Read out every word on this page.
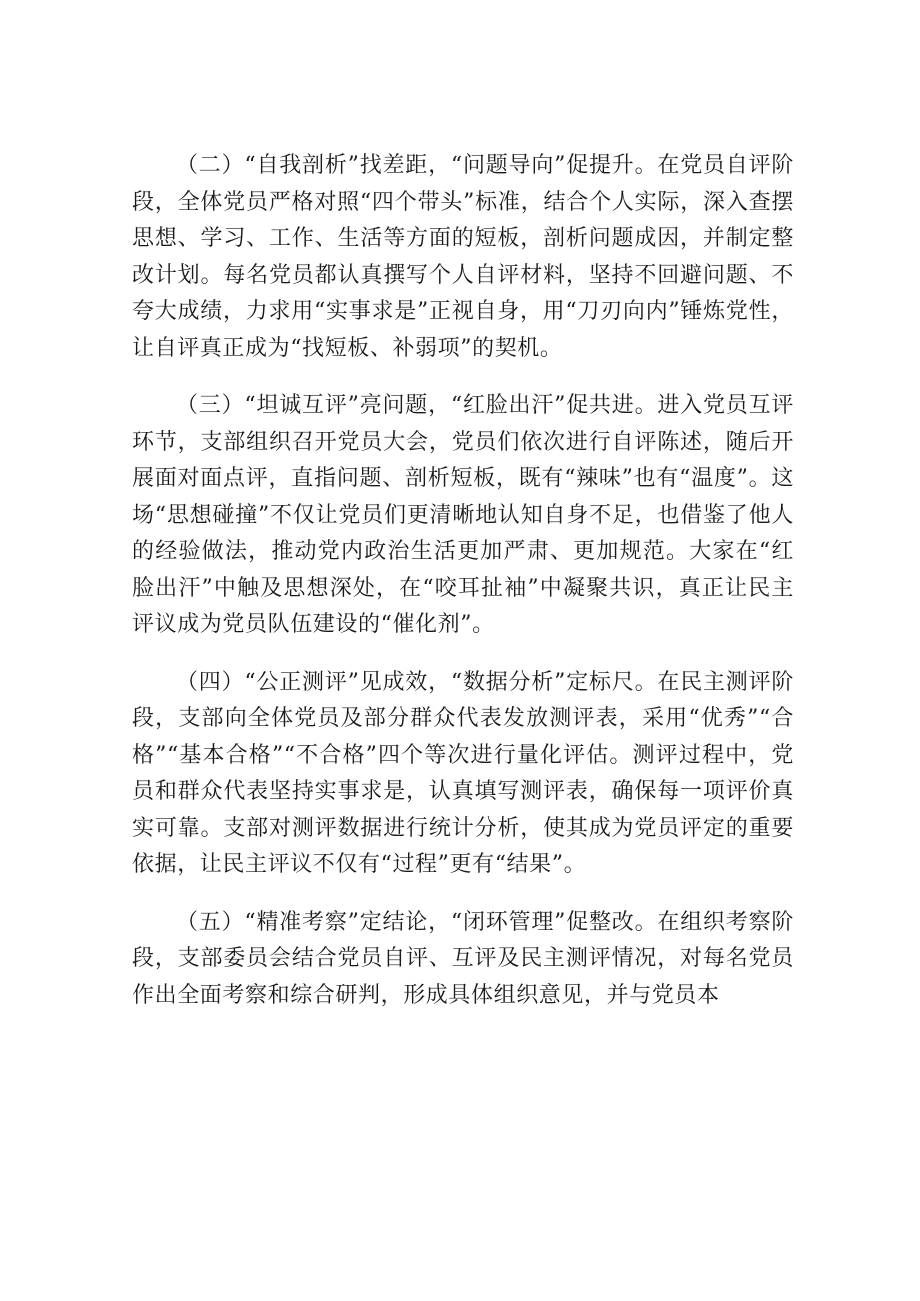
（二）“自我剖析”找差距，“问题导向”促提升。在党员自评阶段，全体党员严格对照“四个带头”标准，结合个人实际，深入查摆思想、学习、工作、生活等方面的短板，剖析问题成因，并制定整改计划。每名党员都认真撰写个人自评材料，坚持不回避问题、不夸大成绩，力求用“实事求是”正视自身，用“刀刃向内”锤炼党性，让自评真正成为“找短板、补弱项”的契机。

（三）“坦诚互评”亮问题，“红脸出汗”促共进。进入党员互评环节，支部组织召开党员大会，党员们依次进行自评陈述，随后开展面对面点评，直指问题、剖析短板，既有“辣味”也有“温度”。这场“思想碰撞”不仅让党员们更清晰地认知自身不足，也借鉴了他人的经验做法，推动党内政治生活更加严肃、更加规范。大家在“红脸出汗”中触及思想深处，在“咬耳扯袖”中凝聚共识，真正让民主评议成为党员队伍建设的“催化剂”。

（四）“公正测评”见成效，“数据分析”定标尺。在民主测评阶段，支部向全体党员及部分群众代表发放测评表，采用“优秀”“合格”“基本合格”“不合格”四个等次进行量化评估。测评过程中，党员和群众代表坚持实事求是，认真填写测评表，确保每一项评价真实可靠。支部对测评数据进行统计分析，使其成为党员评定的重要依据，让民主评议不仅有“过程”更有“结果”。

（五）“精准考察”定结论，“闭环管理”促整改。在组织考察阶段，支部委员会结合党员自评、互评及民主测评情况，对每名党员作出全面考察和综合研判，形成具体组织意见，并与党员本
